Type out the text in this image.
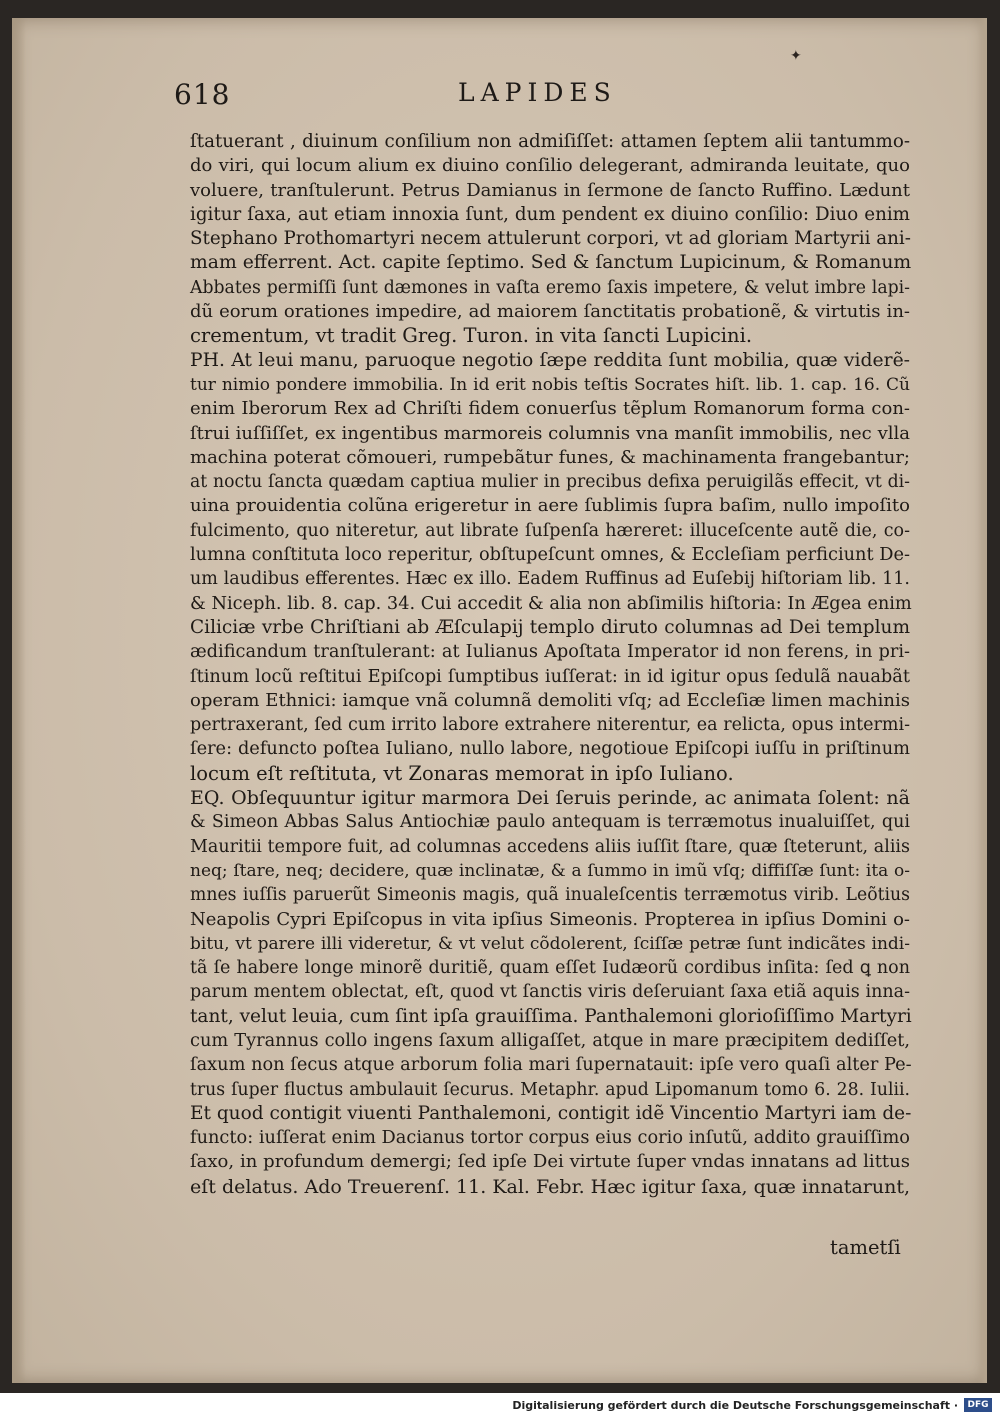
618	LAPIDES
✦
ſtatuerant , diuinum conſilium non admiſiſſet: attamen ſeptem alii tantummo-
do viri, qui locum alium ex diuino conſilio delegerant, admiranda leuitate, quo
voluere, tranſtulerunt. Petrus Damianus in ſermone de ſancto Ruffino. Lædunt
igitur ſaxa, aut etiam innoxia ſunt, dum pendent ex diuino conſilio: Diuo enim
Stephano Prothomartyri necem attulerunt corpori, vt ad gloriam Martyrii ani-
mam efferrent. Act. capite ſeptimo. Sed & ſanctum Lupicinum, & Romanum
Abbates permiſſi ſunt dæmones in vaſta eremo ſaxis impetere, & velut imbre lapi-
dũ eorum orationes impedire, ad maiorem ſanctitatis probationẽ, & virtutis in-
crementum, vt tradit Greg. Turon. in vita ſancti Lupicini.
PH. At leui manu, paruoque negotio ſæpe reddita ſunt mobilia, quæ viderẽ-
tur nimio pondere immobilia. In id erit nobis teſtis Socrates hiſt. lib. 1. cap. 16. Cũ
enim Iberorum Rex ad Chriſti fidem conuerſus tẽplum Romanorum forma con-
ſtrui iuſſiſſet, ex ingentibus marmoreis columnis vna manſit immobilis, nec vlla
machina poterat cõmoueri, rumpebãtur funes, & machinamenta frangebantur;
at noctu ſancta quædam captiua mulier in precibus defixa peruigilãs effecit, vt di-
uina prouidentia colũna erigeretur in aere ſublimis ſupra baſim, nullo impoſito
fulcimento, quo niteretur, aut librate ſuſpenſa hæreret: illuceſcente autẽ die, co-
lumna conſtituta loco reperitur, obſtupeſcunt omnes, & Eccleſiam perficiunt De-
um laudibus efferentes. Hæc ex illo. Eadem Ruffinus ad Euſebij hiſtoriam lib. 11.
& Niceph. lib. 8. cap. 34. Cui accedit & alia non abſimilis hiſtoria: In Ægea enim
Ciliciæ vrbe Chriſtiani ab Æſculapij templo diruto columnas ad Dei templum
ædificandum tranſtulerant: at Iulianus Apoſtata Imperator id non ferens, in pri-
ſtinum locũ reſtitui Epiſcopi ſumptibus iuſſerat: in id igitur opus ſedulã nauabãt
operam Ethnici: iamque vnã columnã demoliti vſq; ad Eccleſiæ limen machinis
pertraxerant, ſed cum irrito labore extrahere niterentur, ea relicta, opus intermi-
ſere: defuncto poſtea Iuliano, nullo labore, negotioue Epiſcopi iuſſu in priſtinum
locum eſt reſtituta, vt Zonaras memorat in ipſo Iuliano.
EQ. Obſequuntur igitur marmora Dei ſeruis perinde, ac animata ſolent: nã
& Simeon Abbas Salus Antiochiæ paulo antequam is terræmotus inualuiſſet, qui
Mauritii tempore fuit, ad columnas accedens aliis iuſſit ſtare, quæ ſteterunt, aliis
neq; ſtare, neq; decidere, quæ inclinatæ, & a ſummo in imũ vſq; diffiſſæ ſunt: ita o-
mnes iuſſis paruerũt Simeonis magis, quã inualeſcentis terræmotus virib. Leõtius
Neapolis Cypri Epiſcopus in vita ipſius Simeonis. Propterea in ipſius Domini o-
bitu, vt parere illi videretur, & vt velut cõdolerent, ſciſſæ petræ ſunt indicãtes indi-
tã ſe habere longe minorẽ duritiẽ, quam eſſet Iudæorũ cordibus inſita: ſed ꝗ non
parum mentem oblectat, eſt, quod vt ſanctis viris deſeruiant ſaxa etiã aquis inna-
tant, velut leuia, cum ſint ipſa grauiſſima. Panthalemoni glorioſiſſimo Martyri
cum Tyrannus collo ingens ſaxum alligaſſet, atque in mare præcipitem dediſſet,
ſaxum non ſecus atque arborum folia mari ſupernatauit: ipſe vero quaſi alter Pe-
trus ſuper fluctus ambulauit ſecurus. Metaphr. apud Lipomanum tomo 6. 28. Iulii.
Et quod contigit viuenti Panthalemoni, contigit idẽ Vincentio Martyri iam de-
functo: iuſſerat enim Dacianus tortor corpus eius corio inſutũ, addito grauiſſimo
ſaxo, in profundum demergi; ſed ipſe Dei virtute ſuper vndas innatans ad littus
eſt delatus. Ado Treuerenſ. 11. Kal. Febr. Hæc igitur ſaxa, quæ innatarunt,
tametſi
Digitalisierung gefördert durch die Deutsche Forschungsgemeinschaft ·	DFG
